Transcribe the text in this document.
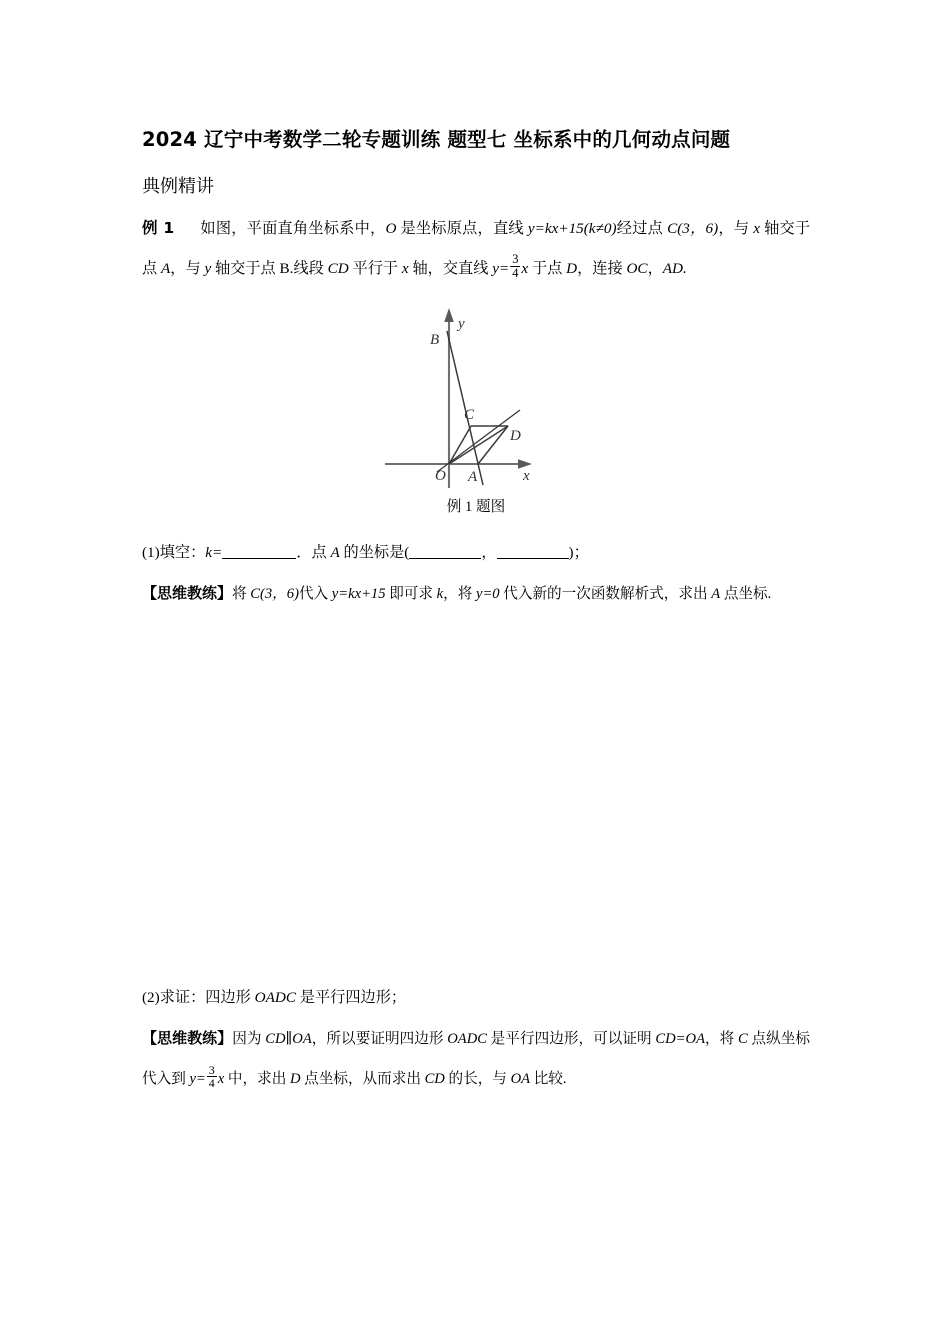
2024 辽宁中考数学二轮专题训练 题型七 坐标系中的几何动点问题
典例精讲
例 1 如图，平面直角坐标系中，O 是坐标原点，直线 y=kx+15(k≠0)经过点 C(3，6)，与 x 轴交于点 A，与 y 轴交于点 B.线段 CD 平行于 x 轴，交直线 $y= \frac{3}{4}$ x 于点 D，连接 OC，AD.
B
C
D
O A
y
x
例 1 题图
(1)填空：k=	．点 A 的坐标是(	，	)；
【思维教练】将 C(3，6)代入 y=kx+15 即可求 k，将 y=0 代入新的一次函数解析式，求出 A 点坐标.
(2)求证：四边形 OADC 是平行四边形；
【思维教练】因为 CD∥OA，所以要证明四边形 OADC 是平行四边形，可以证明 CD=OA，将 C 点纵坐标代入到 $y= \frac{3}{4}$ x 中，求出 D 点坐标，从而求出 CD 的长，与 OA 比较.
